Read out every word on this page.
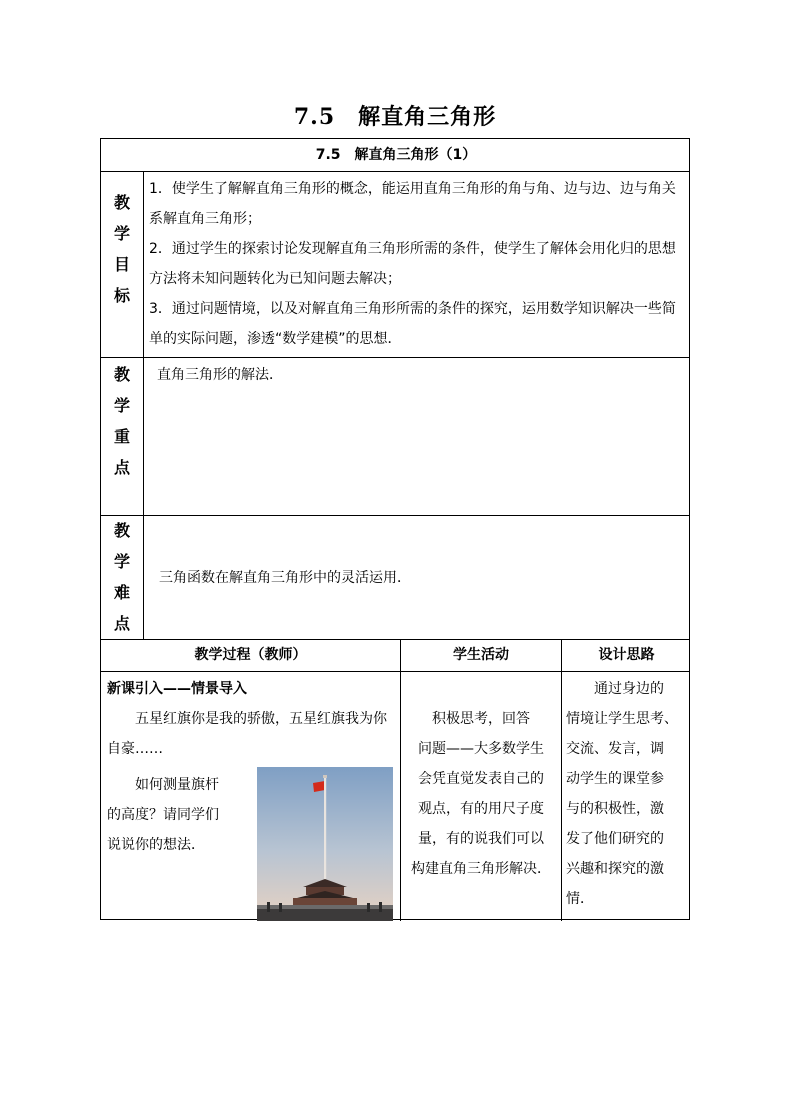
7.5　解直角三角形
7.5　解直角三角形（1）
教
学
目
标

1．使学生了解解直角三角形的概念，能运用直角三角形的角与角、边与边、边与角关系解直角三角形；

2．通过学生的探索讨论发现解直角三角形所需的条件，使学生了解体会用化归的思想方法将未知问题转化为已知问题去解决；

3．通过问题情境，以及对解直角三角形所需的条件的探究，运用数学知识解决一些简单的实际问题，渗透“数学建模”的思想．

教
学
重
点
直角三角形的解法．
教
学
难
点
三角函数在解直角三角形中的灵活运用．
教学过程（教师）	学生活动	设计思路
新课引入——情景导入

五星红旗你是我的骄傲，五星红旗我为你自豪……

如何测量旗杆
的高度？请同学们
说说你的想法．
积极思考，回答
问题——大多数学生
会凭直觉发表自己的
观点，有的用尺子度
量，有的说我们可以
构建直角三角形解决．
通过身边的
情境让学生思考、
交流、发言，调
动学生的课堂参
与的积极性，激
发了他们研究的
兴趣和探究的激
情．
